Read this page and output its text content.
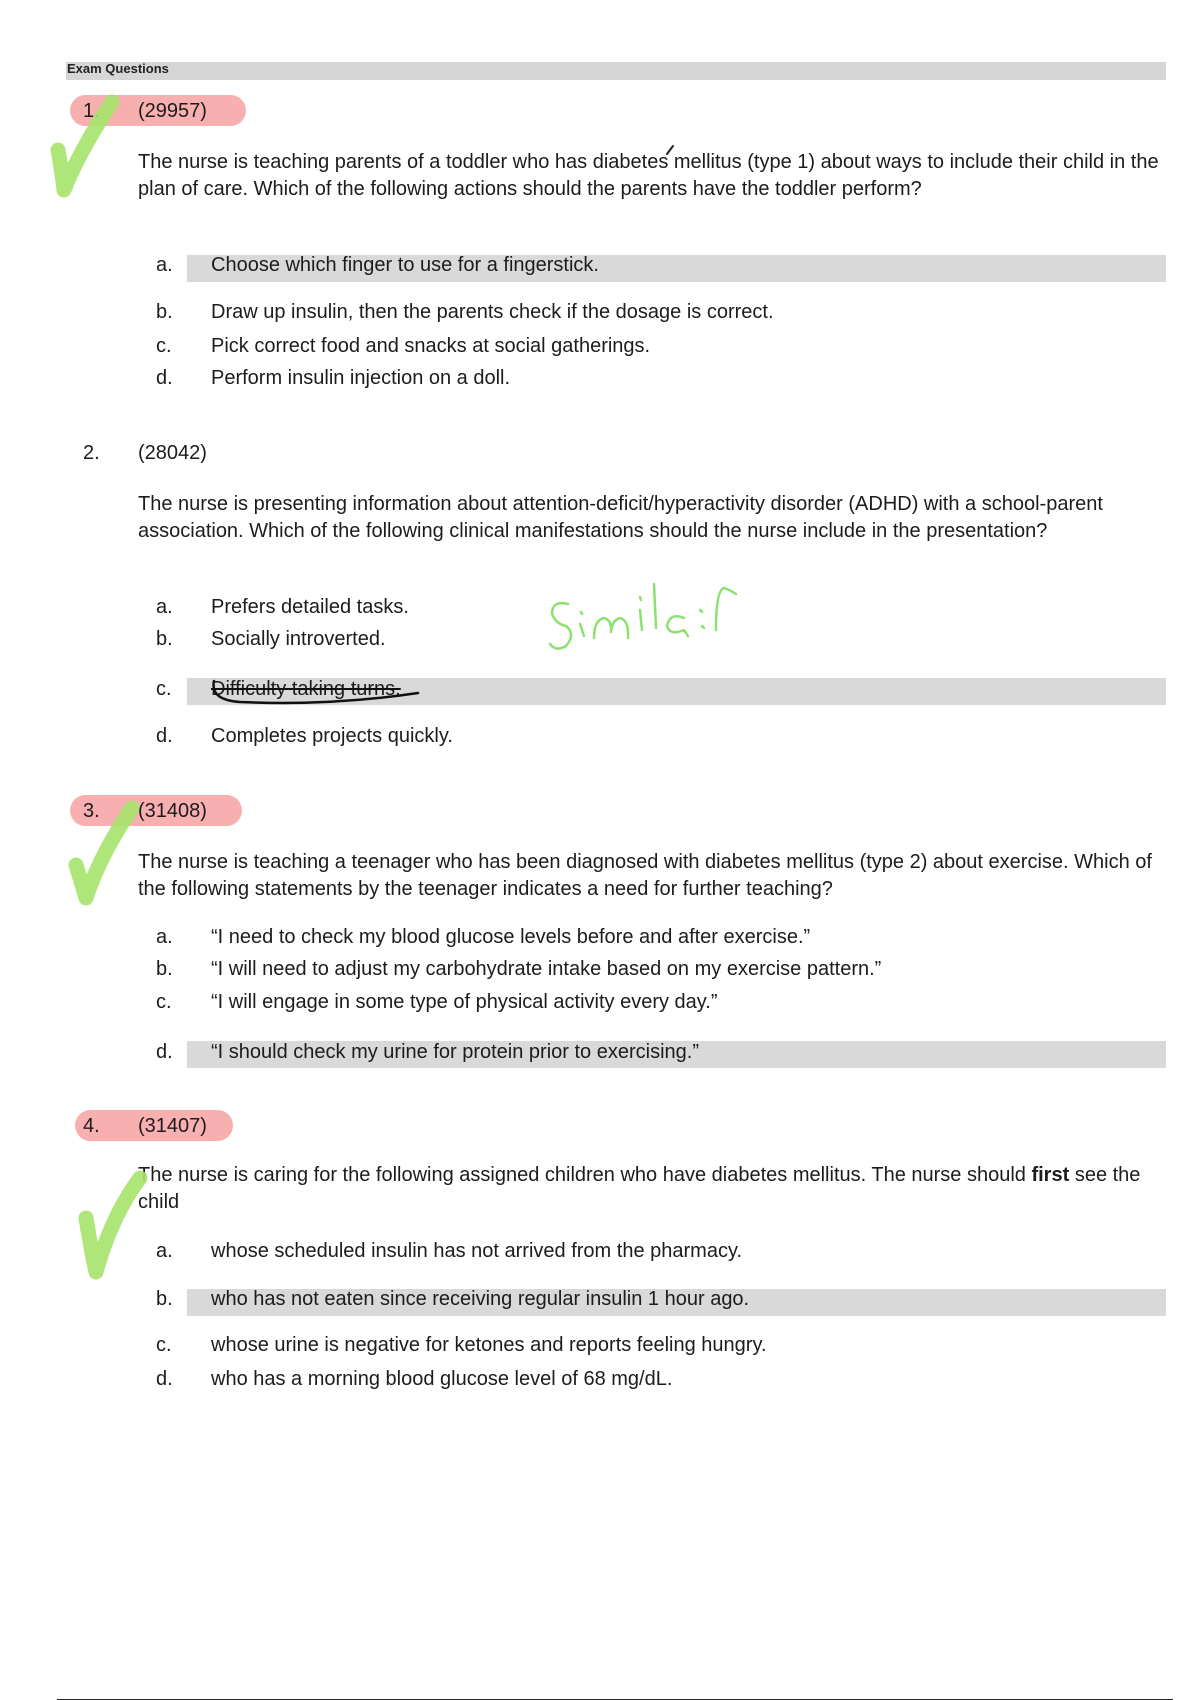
Exam Questions
1. (29957)
The nurse is teaching parents of a toddler who has diabetes mellitus (type 1) about ways to include their child in the plan of care. Which of the following actions should the parents have the toddler perform?
a. Choose which finger to use for a fingerstick.
b. Draw up insulin, then the parents check if the dosage is correct.
c. Pick correct food and snacks at social gatherings.
d. Perform insulin injection on a doll.
2. (28042)
The nurse is presenting information about attention-deficit/hyperactivity disorder (ADHD) with a school-parent association. Which of the following clinical manifestations should the nurse include in the presentation?
a. Prefers detailed tasks.
b. Socially introverted.
c. Difficulty taking turns.
d. Completes projects quickly.
3. (31408)
The nurse is teaching a teenager who has been diagnosed with diabetes mellitus (type 2) about exercise. Which of the following statements by the teenager indicates a need for further teaching?
a. “I need to check my blood glucose levels before and after exercise.”
b. “I will need to adjust my carbohydrate intake based on my exercise pattern.”
c. “I will engage in some type of physical activity every day.”
d. “I should check my urine for protein prior to exercising.”
4. (31407)
The nurse is caring for the following assigned children who have diabetes mellitus. The nurse should first see the child
a. whose scheduled insulin has not arrived from the pharmacy.
b. who has not eaten since receiving regular insulin 1 hour ago.
c. whose urine is negative for ketones and reports feeling hungry.
d. who has a morning blood glucose level of 68 mg/dL.
